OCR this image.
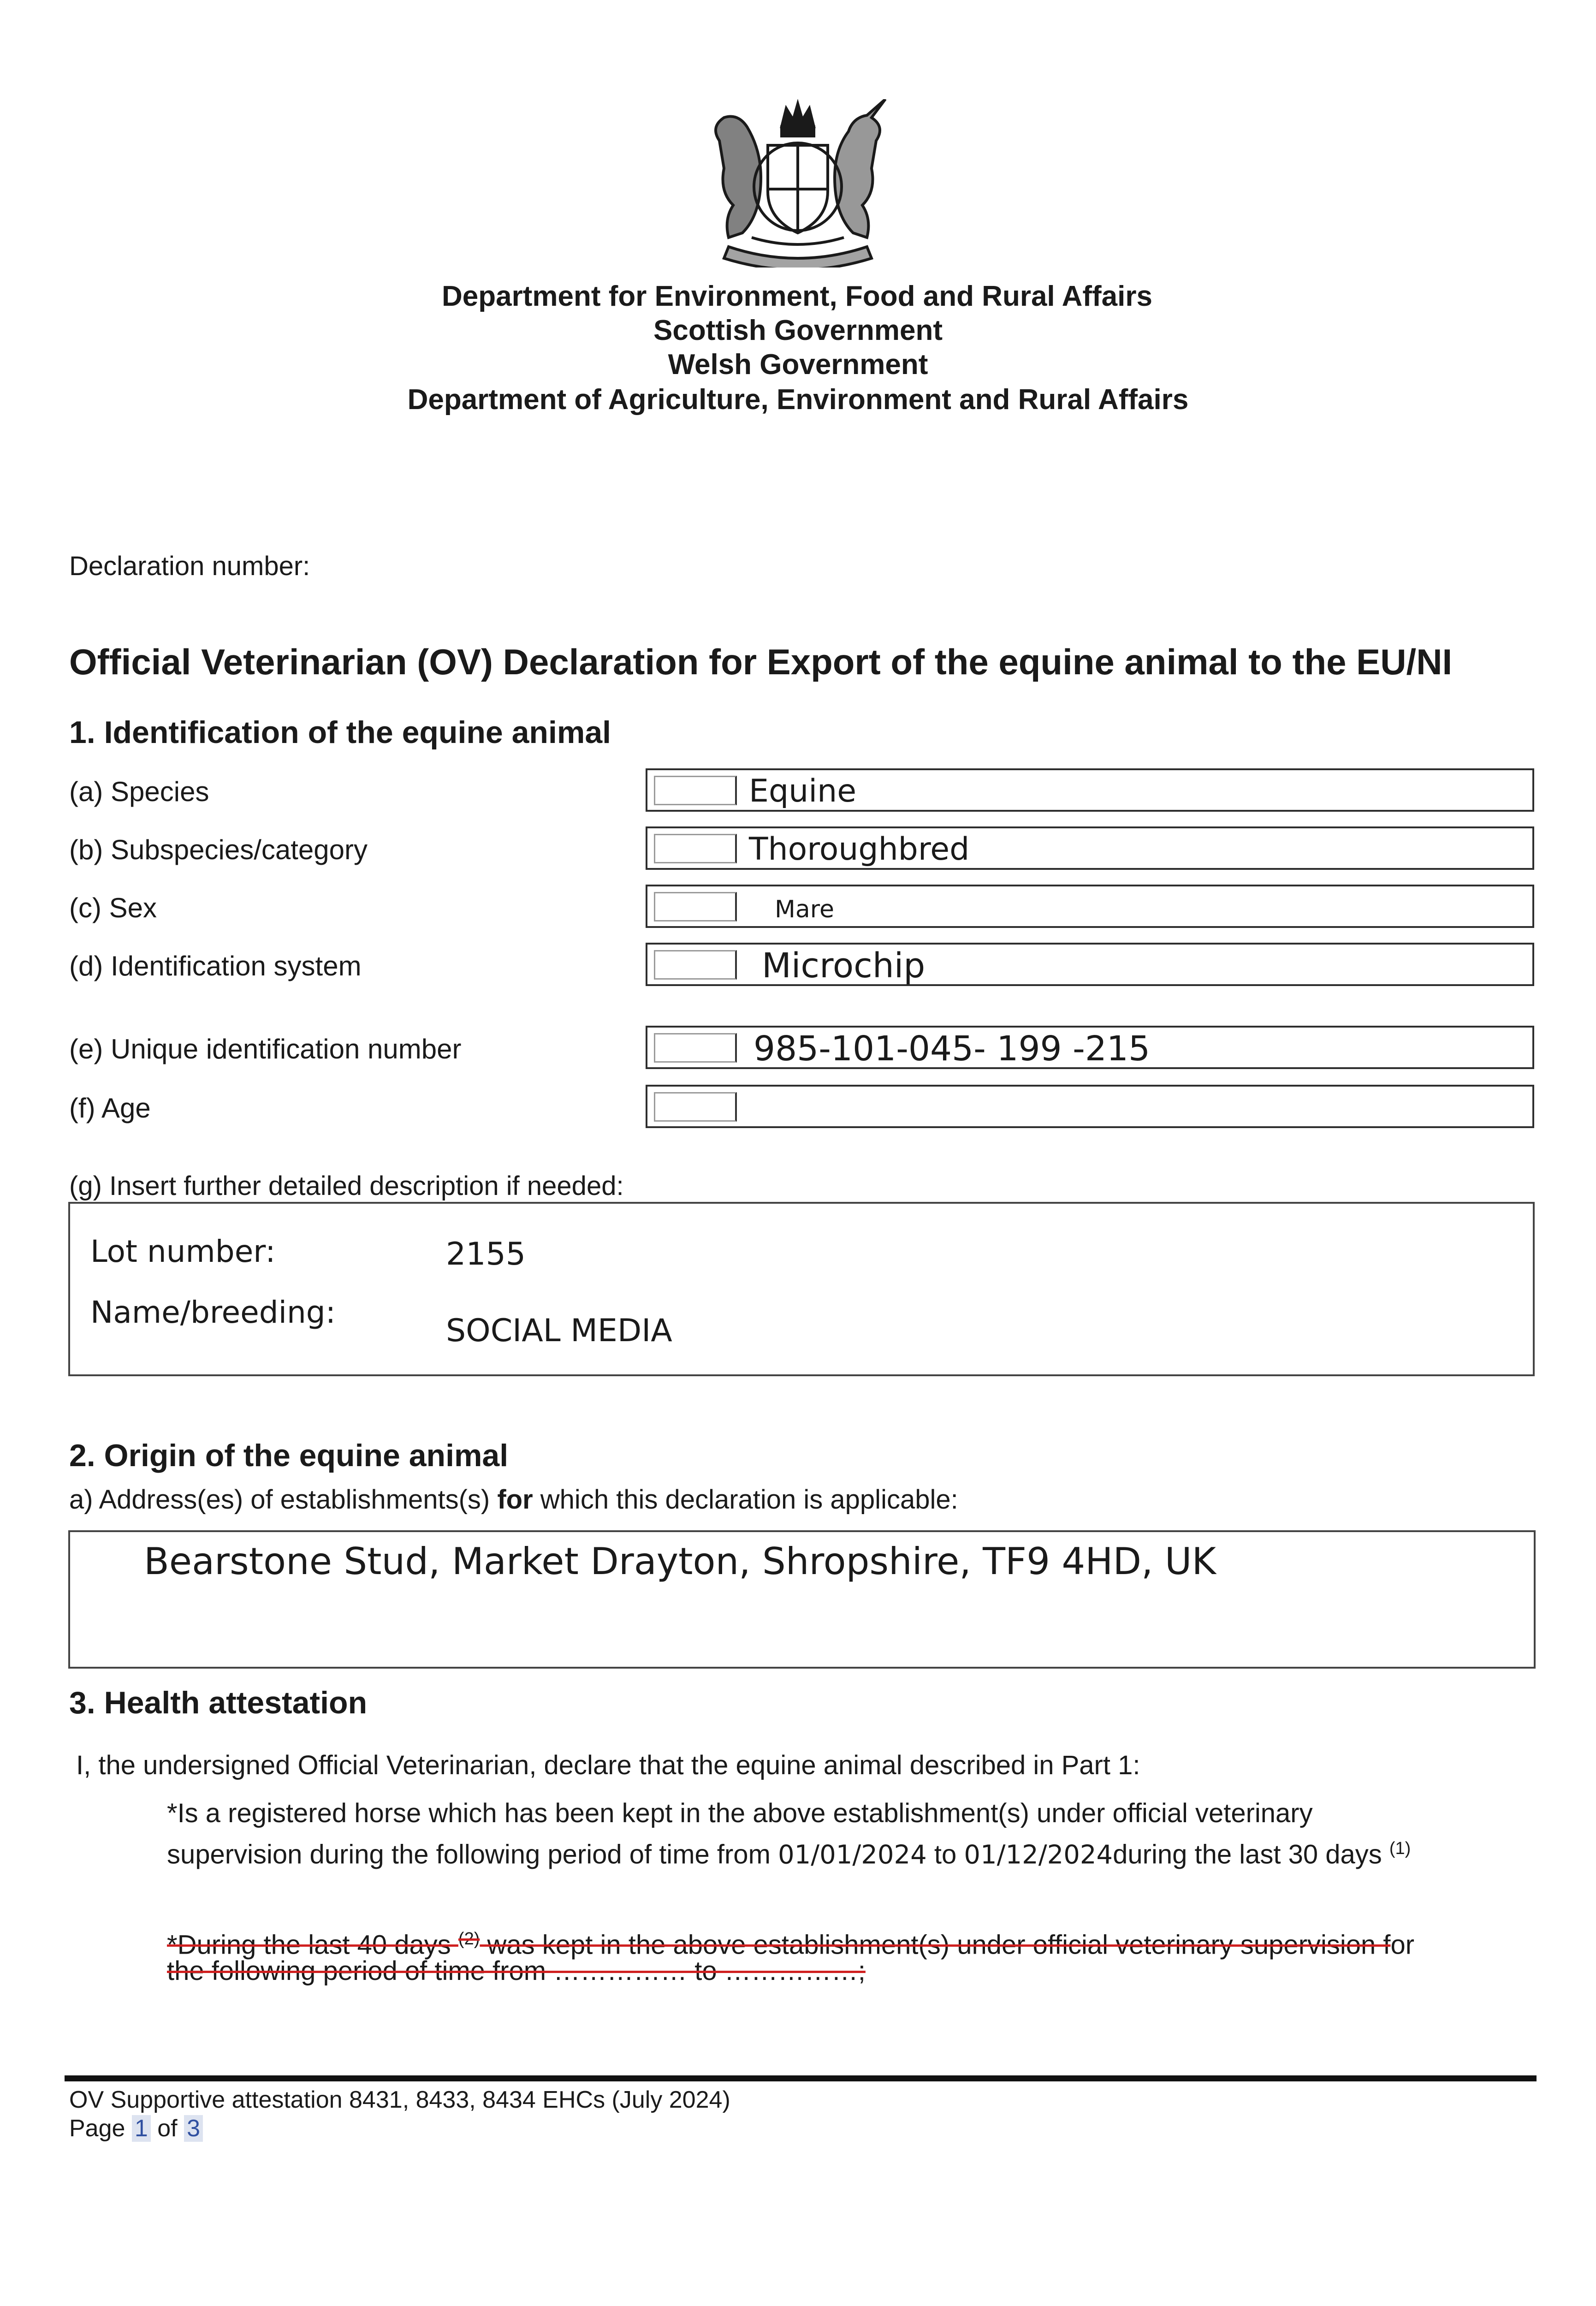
Department for Environment, Food and Rural Affairs
Scottish Government
Welsh Government
Department of Agriculture, Environment and Rural Affairs
Declaration number:
Official Veterinarian (OV) Declaration for Export of the equine animal to the EU/NI
1. Identification of the equine animal
(a) Species	Equine
(b) Subspecies/category	Thoroughbred
(c) Sex	Mare
(d) Identification system	Microchip
(e) Unique identification number	985-101-045- 199 -215
(f) Age
(g) Insert further detailed description if needed:
Lot number:	2155
Name/breeding:
SOCIAL MEDIA
2. Origin of the equine animal
a) Address(es) of establishments(s) for which this declaration is applicable:
Bearstone Stud, Market Drayton, Shropshire, TF9 4HD, UK
3. Health attestation
I, the undersigned Official Veterinarian, declare that the equine animal described in Part 1:
*Is a registered horse which has been kept in the above establishment(s) under official veterinary
supervision during the following period of time from 01/01/2024 to 01/12/2024during the last 30 days $^{(1)}$
*During the last 40 days $^{(2)}$ was kept in the above establishment(s) under official veterinary supervision for
the following period of time from …………… to ……………;
OV Supportive attestation 8431, 8433, 8434 EHCs (July 2024)
Page 1 of 3
